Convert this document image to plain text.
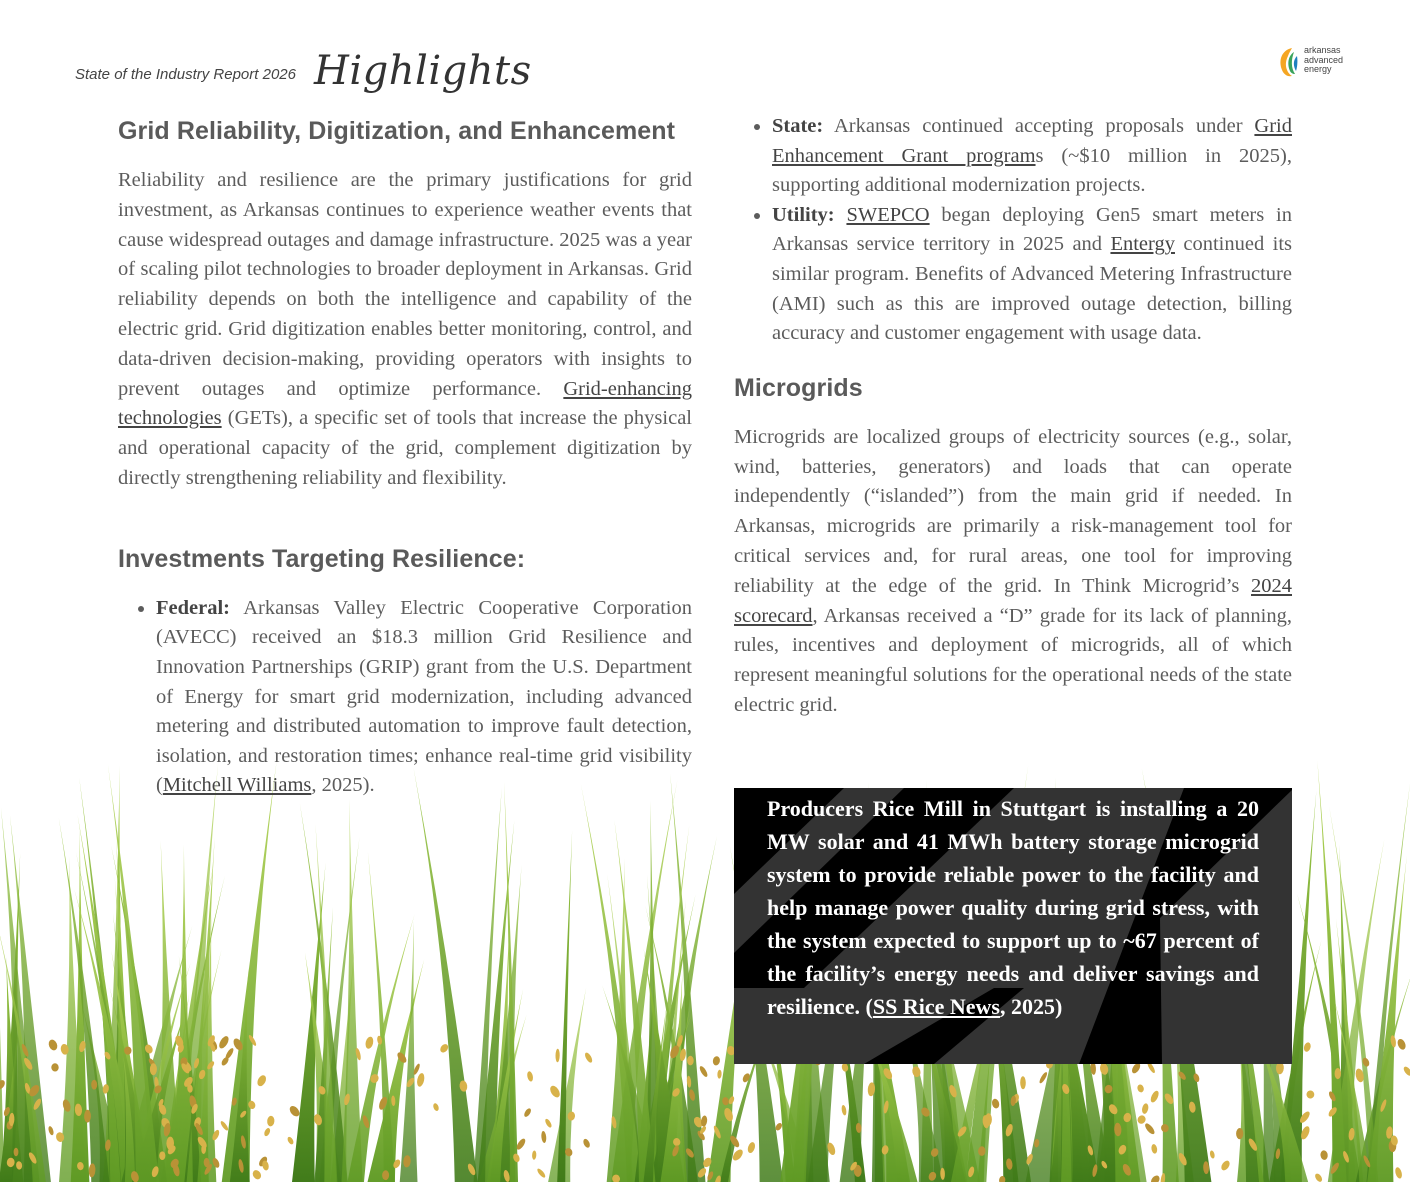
State of the Industry Report 2026 Highlights	arkansas
advanced
energy
Grid Reliability, Digitization, and Enhancement

Reliability and resilience are the primary justifications for grid investment, as Arkansas continues to experience weather events that cause widespread outages and damage infrastructure. 2025 was a year of scaling pilot technologies to broader deployment in Arkansas. Grid reliability depends on both the intelligence and capability of the electric grid. Grid digitization enables better monitoring, control, and data-driven decision-making, providing operators with insights to prevent outages and optimize performance. Grid-enhancing technologies (GETs), a specific set of tools that increase the physical and operational capacity of the grid, complement digitization by directly strengthening reliability and flexibility.

Investments Targeting Resilience:
• Federal: Arkansas Valley Electric Cooperative Corporation (AVECC) received an $18.3 million Grid Resilience and Innovation Partnerships (GRIP) grant from the U.S. Department of Energy for smart grid modernization, including advanced metering and distributed automation to improve fault detection, isolation, and restoration times; enhance real-time grid visibility (Mitchell Williams, 2025).
• State: Arkansas continued accepting proposals under Grid Enhancement Grant programs (~$10 million in 2025), supporting additional modernization projects.
• Utility: SWEPCO began deploying Gen5 smart meters in Arkansas service territory in 2025 and Entergy continued its similar program. Benefits of Advanced Metering Infrastructure (AMI) such as this are improved outage detection, billing accuracy and customer engagement with usage data.
Microgrids

Microgrids are localized groups of electricity sources (e.g., solar, wind, batteries, generators) and loads that can operate independently (“islanded”) from the main grid if needed. In Arkansas, microgrids are primarily a risk-management tool for critical services and, for rural areas, one tool for improving reliability at the edge of the grid. In Think Microgrid’s 2024 scorecard, Arkansas received a “D” grade for its lack of planning, rules, incentives and deployment of microgrids, all of which represent meaningful solutions for the operational needs of the state electric grid.

Producers Rice Mill in Stuttgart is installing a 20 MW solar and 41 MWh battery storage microgrid system to provide reliable power to the facility and help manage power quality during grid stress, with the system expected to support up to ~67 percent of the facility’s energy needs and deliver savings and resilience. (SS Rice News, 2025)
